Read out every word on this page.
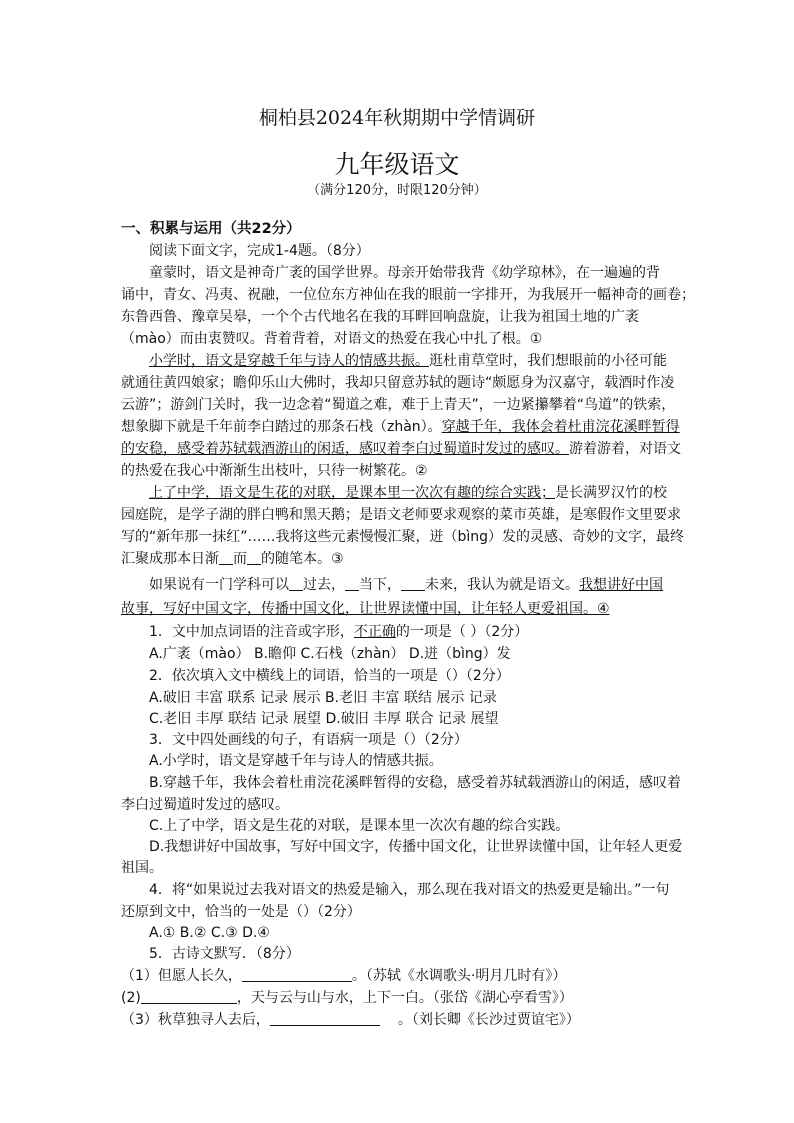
桐柏县2024年秋期期中学情调研
九年级语文
（满分120分，时限120分钟）
一、积累与运用（共22分）
阅读下面文字，完成1-4题。（8分）
童蒙时，语文是神奇广袤的国学世界。母亲开始带我背《幼学琼林》，在一遍遍的背
诵中，青女、冯夷、祝融，一位位东方神仙在我的眼前一字排开，为我展开一幅神奇的画卷；
东鲁西鲁、豫章吴皋，一个个古代地名在我的耳畔回响盘旋，让我为祖国土地的广袤
（mào）而由衷赞叹。背着背着，对语文的热爱在我心中扎了根。①
小学时，语文是穿越千年与诗人的情感共振。逛杜甫草堂时，我们想眼前的小径可能
就通往黄四娘家；瞻仰乐山大佛时，我却只留意苏轼的题诗“颇愿身为汉嘉守，载酒时作凌
云游”；游剑门关时，我一边念着“蜀道之难，难于上青天”，一边紧攥攀着“鸟道”的铁索，
想象脚下就是千年前李白踏过的那条石栈（zhàn）。穿越千年，我体会着杜甫浣花溪畔暂得
的安稳，感受着苏轼载酒游山的闲适，感叹着李白过蜀道时发过的感叹。游着游着，对语文
的热爱在我心中渐渐生出枝叶，只待一树繁花。②
上了中学，语文是生花的对联，是课本里一次次有趣的综合实践；是长满罗汉竹的校
园庭院，是学子湖的胖白鸭和黑天鹅；是语文老师要求观察的菜市英雄，是寒假作文里要求
写的“新年那一抹红”……我将这些元素慢慢汇聚，迸（bìng）发的灵感、奇妙的文字，最终
汇聚成那本日渐 而 的随笔本。③
如果说有一门学科可以 过去， 当下， 未来，我认为就是语文。我想讲好中国
故事，写好中国文字，传播中国文化，让世界读懂中国，让年轻人更爱祖国。④
1．文中加点词语的注音或字形，不正确的一项是（ ）（2分）
A.广袤（mào） B.瞻仰 C.石栈（zhàn） D.迸（bìng）发
2．依次填入文中横线上的词语，恰当的一项是（）（2分）
A.破旧 丰富 联系 记录 展示 B.老旧 丰富 联结 展示 记录
C.老旧 丰厚 联结 记录 展望 D.破旧 丰厚 联合 记录 展望
3．文中四处画线的句子，有语病一项是（）（2分）
A.小学时，语文是穿越千年与诗人的情感共振。
B.穿越千年，我体会着杜甫浣花溪畔暂得的安稳，感受着苏轼载酒游山的闲适，感叹着
李白过蜀道时发过的感叹。
C.上了中学，语文是生花的对联，是课本里一次次有趣的综合实践。
D.我想讲好中国故事，写好中国文字，传播中国文化，让世界读懂中国，让年轻人更爱
祖国。
4．将“如果说过去我对语文的热爱是输入，那么现在我对语文的热爱更是输出。”一句
还原到文中，恰当的一处是（）（2分）
A.① B.② C.③ D.④
5．古诗文默写．（8分）
（1）但愿人长久，	。（苏轼《水调歌头·明月几时有》）
(2)	，天与云与山与水，上下一白。（张岱《湖心亭看雪》）
（3）秋草独寻人去后，	。（刘长卿《长沙过贾谊宅》）
